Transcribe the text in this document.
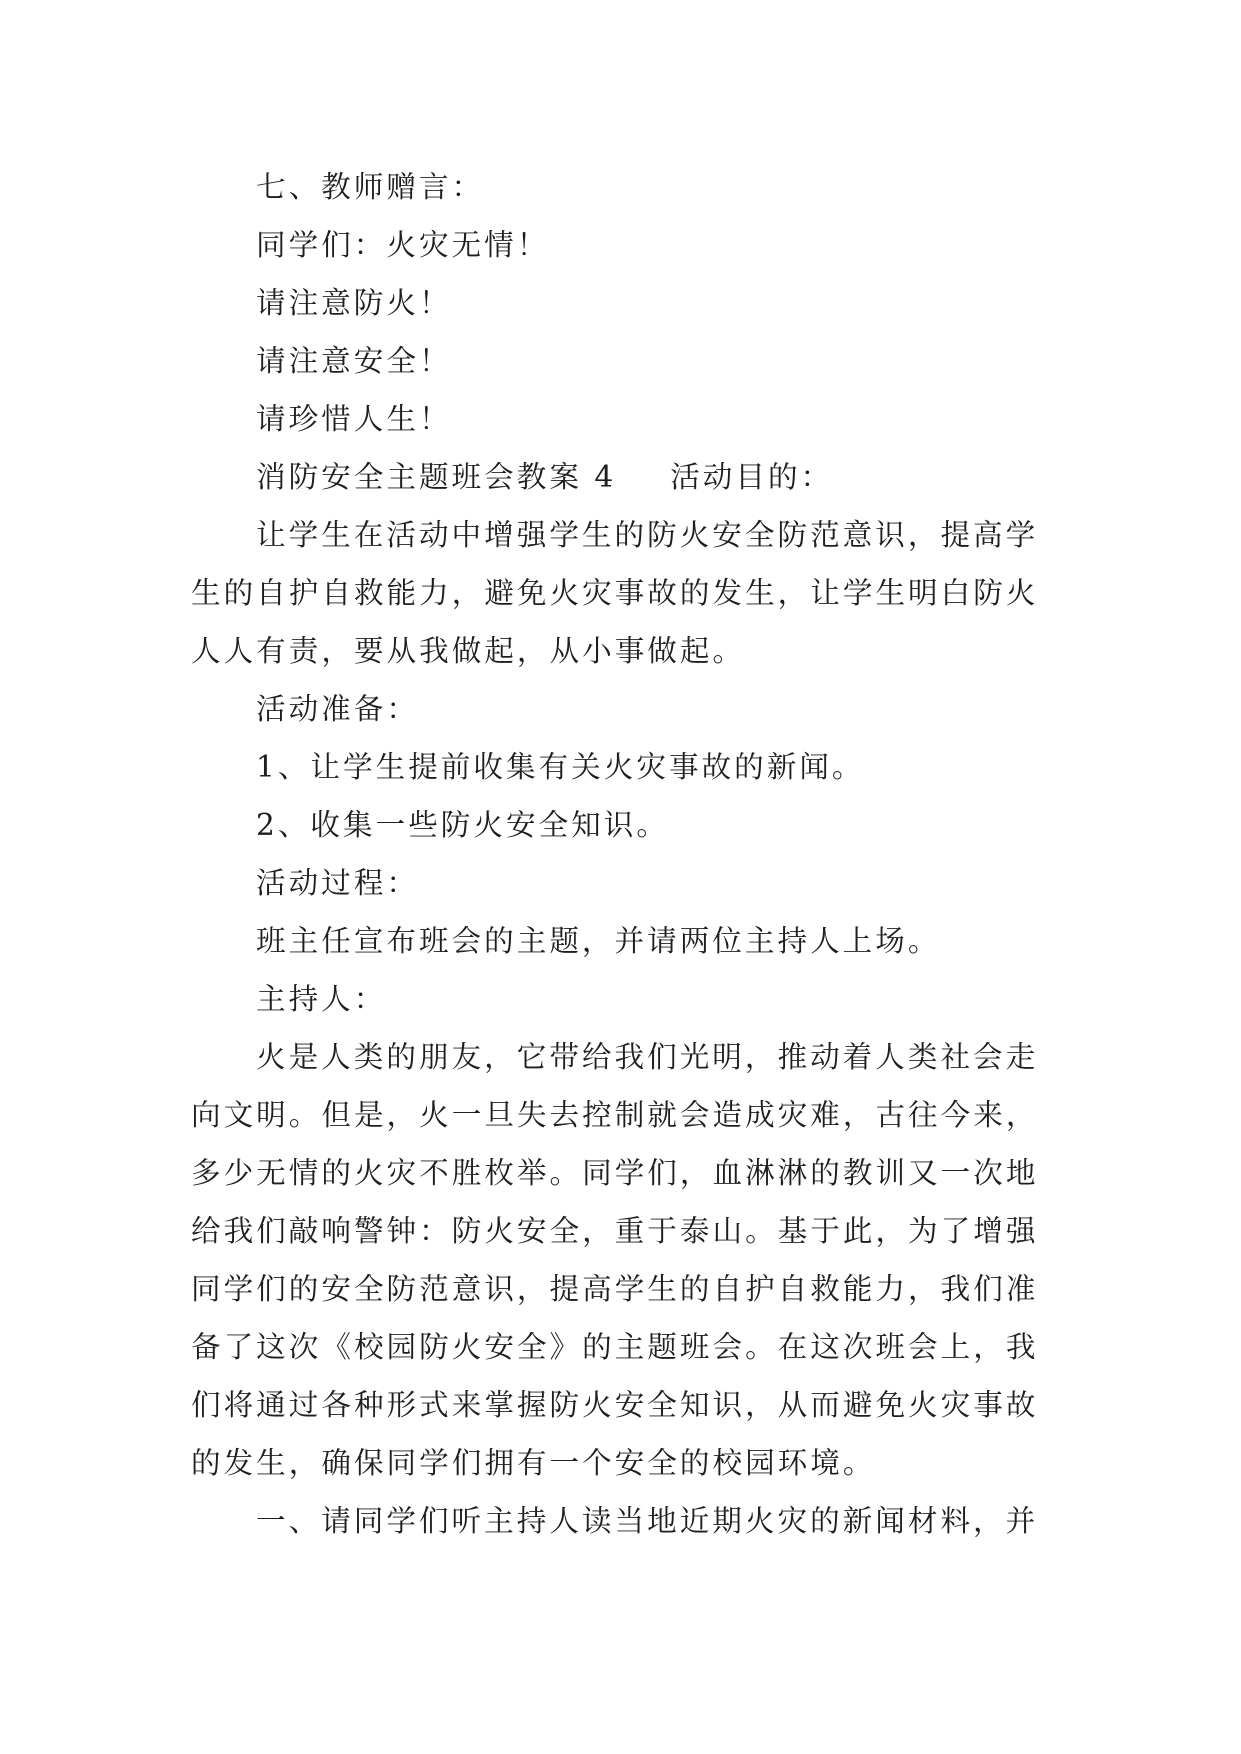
七、教师赠言：
同学们：火灾无情！
请注意防火！
请注意安全！
请珍惜人生！
消防安全主题班会教案 4 活动目的：
让学生在活动中增强学生的防火安全防范意识，提高学
生的自护自救能力，避免火灾事故的发生，让学生明白防火
人人有责，要从我做起，从小事做起。
活动准备：
1、让学生提前收集有关火灾事故的新闻。
2、收集一些防火安全知识。
活动过程：
班主任宣布班会的主题，并请两位主持人上场。
主持人：
火是人类的朋友，它带给我们光明，推动着人类社会走
向文明。但是，火一旦失去控制就会造成灾难，古往今来，
多少无情的火灾不胜枚举。同学们，血淋淋的教训又一次地
给我们敲响警钟：防火安全，重于泰山。基于此，为了增强
同学们的安全防范意识，提高学生的自护自救能力，我们准
备了这次《校园防火安全》的主题班会。在这次班会上，我
们将通过各种形式来掌握防火安全知识，从而避免火灾事故
的发生，确保同学们拥有一个安全的校园环境。
一、请同学们听主持人读当地近期火灾的新闻材料，并
